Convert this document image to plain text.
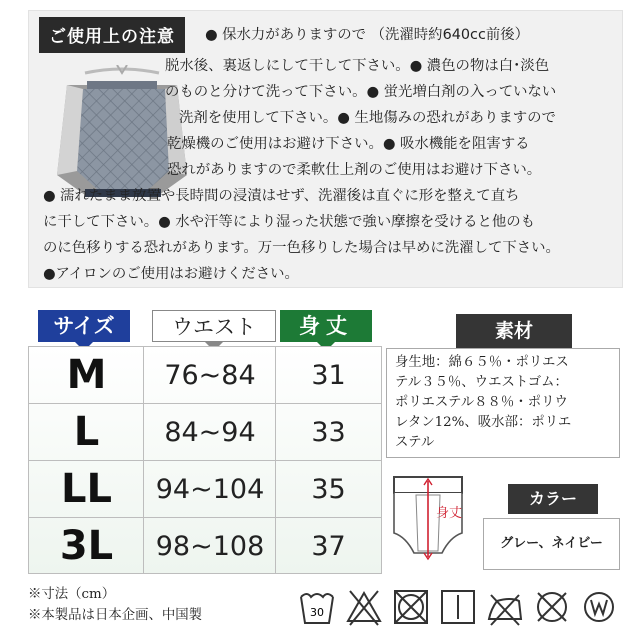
ご使用上の注意	● 保水力がありますので （洗濯時約640cc前後）
脱水後、裏返しにして干して下さい。● 濃色の物は白･淡色
のものと分けて洗って下さい。● 蛍光増白剤の入っていない
洗剤を使用して下さい。● 生地傷みの恐れがありますので
乾燥機のご使用はお避け下さい。● 吸水機能を阻害する
恐れがありますので柔軟仕上剤のご使用はお避け下さい。
● 濡れたまま放置や長時間の浸漬はせず、洗濯後は直ぐに形を整えて直ち
に干して下さい。● 水や汗等により湿った状態で強い摩擦を受けると他のも
のに色移りする恐れがあります。万一色移りした場合は早めに洗濯して下さい。
●アイロンのご使用はお避けください。
サイズ	ウエスト	身丈
M	76~84	31
L	84~94	33
LL	94~104	35
3L	98~108	37
素材
身生地：綿６５％・ポリエス
テル３５％、ウエストゴム：
ポリエステル８８％・ポリウ
レタン12%、吸水部：ポリエ
ステル
身丈
カラー
グレー、ネイビー
※寸法（cm）
※本製品は日本企画、中国製	30
